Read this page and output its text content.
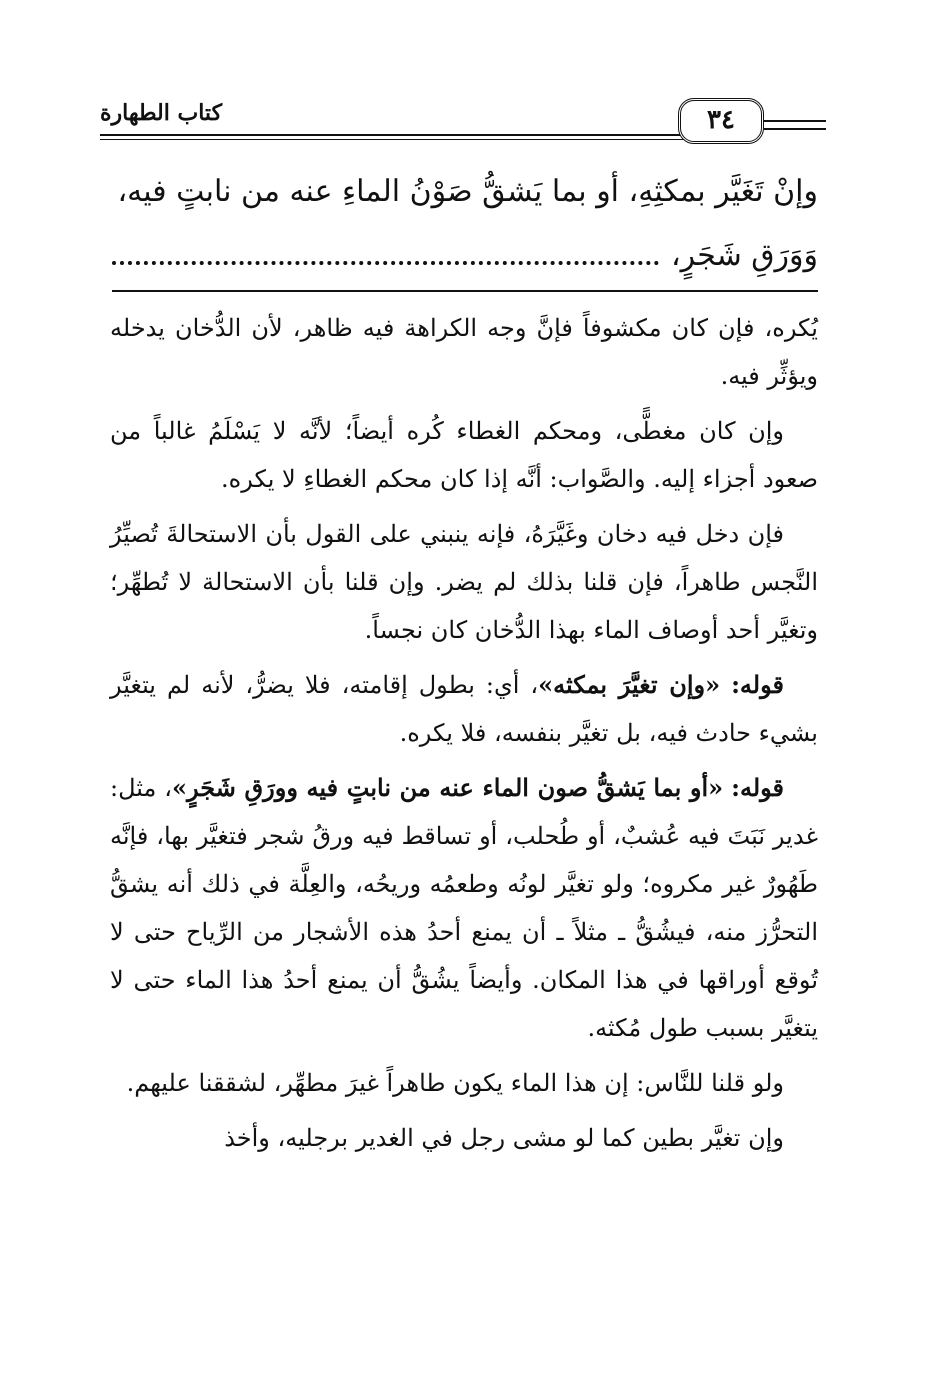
كتاب الطهارة	٣٤
وإنْ تَغَيَّر بمكثِهِ، أو بما يَشقُّ صَوْنُ الماءِ عنه من نابتٍ فيه،
وَوَرَقِ شَجَرٍ،

يُكره، فإن كان مكشوفاً فإنَّ وجه الكراهة فيه ظاهر، لأن الدُّخان يدخله ويؤثِّر فيه.

وإن كان مغطًّى، ومحكم الغطاء كُره أيضاً؛ لأنَّه لا يَسْلَمُ غالباً من صعود أجزاء إليه. والصَّواب: أنَّه إذا كان محكم الغطاءِ لا يكره.

فإن دخل فيه دخان وغَيَّرَهُ، فإنه ينبني على القول بأن الاستحالةَ تُصيِّرُ النَّجس طاهراً، فإن قلنا بذلك لم يضر. وإن قلنا بأن الاستحالة لا تُطهِّر؛ وتغيَّر أحد أوصاف الماء بهذا الدُّخان كان نجساً.

قوله: «وإن تغيَّرَ بمكثه»، أي: بطول إقامته، فلا يضرُّ، لأنه لم يتغيَّر بشيء حادث فيه، بل تغيَّر بنفسه، فلا يكره.

قوله: «أو بما يَشقُّ صون الماء عنه من نابتٍ فيه وورَقِ شَجَرٍ»، مثل: غدير نَبَتَ فيه عُشبٌ، أو طُحلب، أو تساقط فيه ورقُ شجر فتغيَّر بها، فإنَّه طَهُورٌ غير مكروه؛ ولو تغيَّر لونُه وطعمُه وريحُه، والعِلَّة في ذلك أنه يشقُّ التحرُّز منه، فيشُقُّ ـ مثلاً ـ أن يمنع أحدُ هذه الأشجار من الرِّياح حتى لا تُوقع أوراقها في هذا المكان. وأيضاً يشُقُّ أن يمنع أحدُ هذا الماء حتى لا يتغيَّر بسبب طول مُكثه.

ولو قلنا للنَّاس: إن هذا الماء يكون طاهراً غيرَ مطهِّر، لشققنا عليهم.

وإن تغيَّر بطين كما لو مشى رجل في الغدير برجليه، وأخذ
